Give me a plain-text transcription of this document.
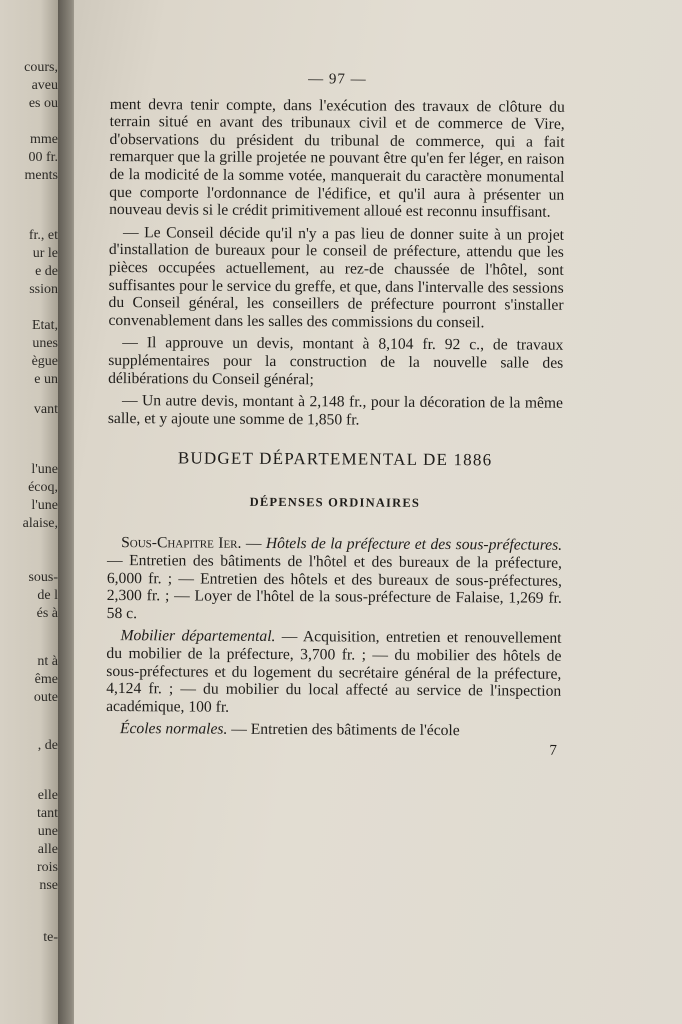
cours,
aveu
es ou
mme
00 fr.
ments
fr., et
ur le
e de
ssion
Etat,
unes
ègue
e un
vant
l'une
écoq,
l'une
alaise,
sous-
de l
és à
nt à
ême
oute
, de
elle
tant
une
alle
rois
nse
te-
— 97 —

ment devra tenir compte, dans l'exécution des travaux de clôture du terrain situé en avant des tribunaux civil et de commerce de Vire, d'observations du président du tribunal de commerce, qui a fait remarquer que la grille projetée ne pouvant être qu'en fer léger, en raison de la modicité de la somme votée, manquerait du caractère monumental que comporte l'ordonnance de l'édifice, et qu'il aura à présenter un nouveau devis si le crédit primitivement alloué est reconnu insuffisant.

— Le Conseil décide qu'il n'y a pas lieu de donner suite à un projet d'installation de bureaux pour le conseil de préfecture, attendu que les pièces occupées actuellement, au rez-de chaussée de l'hôtel, sont suffisantes pour le service du greffe, et que, dans l'intervalle des sessions du Conseil général, les conseillers de préfecture pourront s'installer convenablement dans les salles des commissions du conseil.

— Il approuve un devis, montant à 8,104 fr. 92 c., de travaux supplémentaires pour la construction de la nouvelle salle des délibérations du Conseil général;

— Un autre devis, montant à 2,148 fr., pour la décoration de la même salle, et y ajoute une somme de 1,850 fr.

BUDGET DÉPARTEMENTAL DE 1886
DÉPENSES ORDINAIRES

Sous-Chapitre Ier. — Hôtels de la préfecture et des sous-préfectures. — Entretien des bâtiments de l'hôtel et des bureaux de la préfecture, 6,000 fr. ; — Entretien des hôtels et des bureaux de sous-préfectures, 2,300 fr. ; — Loyer de l'hôtel de la sous-préfecture de Falaise, 1,269 fr. 58 c.

Mobilier départemental. — Acquisition, entretien et renouvellement du mobilier de la préfecture, 3,700 fr. ; — du mobilier des hôtels de sous-préfectures et du logement du secrétaire général de la préfecture, 4,124 fr. ; — du mobilier du local affecté au service de l'inspection académique, 100 fr.

Écoles normales. — Entretien des bâtiments de l'école

7
